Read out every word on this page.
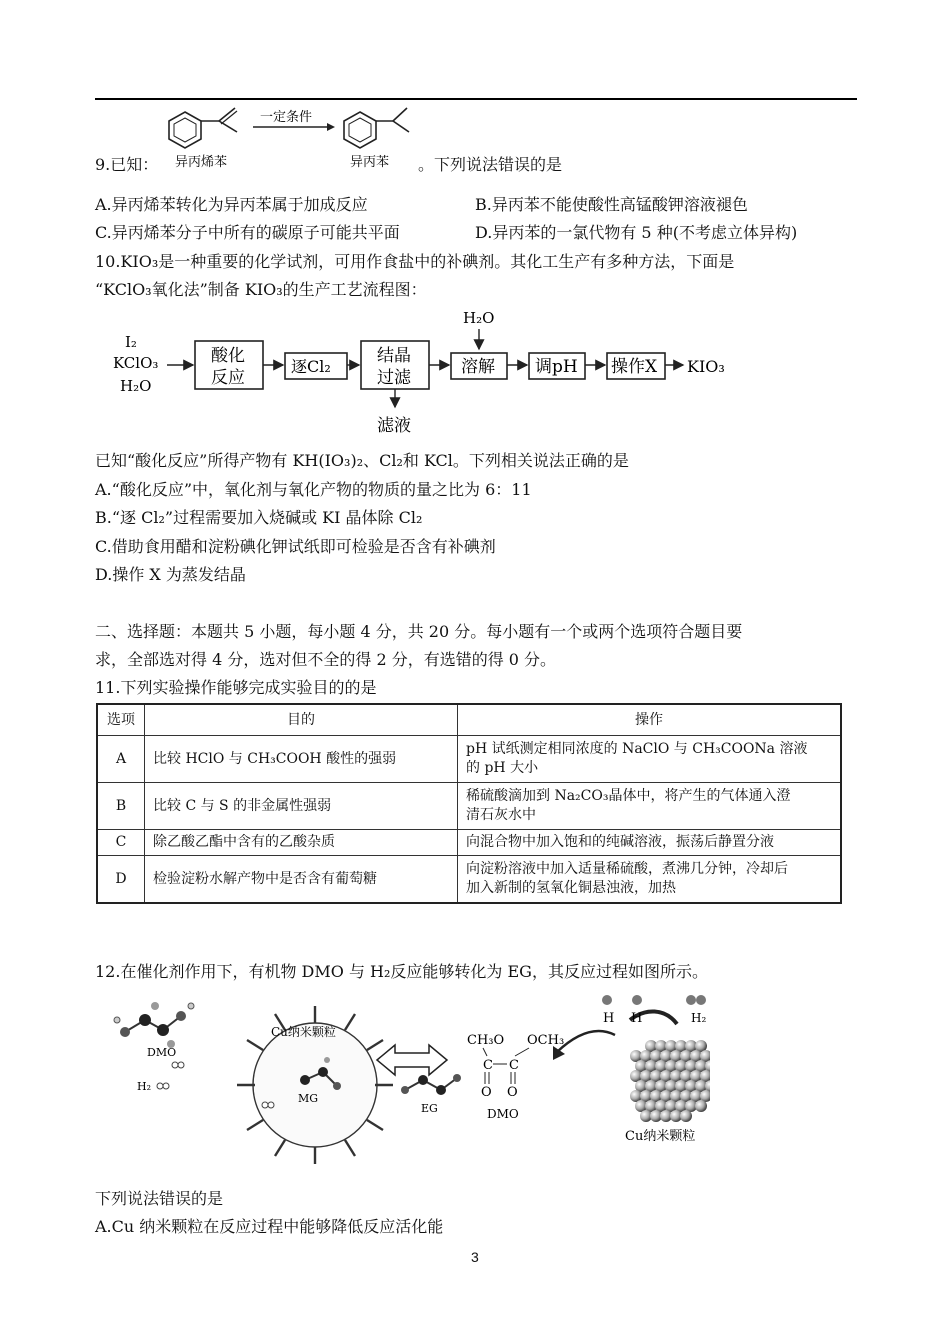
一定条件
异丙烯苯	异丙苯
9.已知：	。下列说法错误的是
A.异丙烯苯转化为异丙苯属于加成反应	B.异丙苯不能使酸性高锰酸钾溶液褪色
C.异丙烯苯分子中所有的碳原子可能共平面	D.异丙苯的一氯代物有 5 种(不考虑立体异构)
10.KIO₃是一种重要的化学试剂，可用作食盐中的补碘剂。其化工生产有多种方法，下面是
“KClO₃氧化法”制备 KIO₃的生产工艺流程图：
I₂
KClO₃
H₂O
酸化
反应
逐Cl₂
结晶
过滤
滤液
溶解
H₂O
调pH 操作X KIO₃
已知“酸化反应”所得产物有 KH(IO₃)₂、Cl₂和 KCl。下列相关说法正确的是
A.“酸化反应”中，氧化剂与氧化产物的物质的量之比为 6：11
B.“逐 Cl₂”过程需要加入烧碱或 KI 晶体除 Cl₂
C.借助食用醋和淀粉碘化钾试纸即可检验是否含有补碘剂
D.操作 X 为蒸发结晶
二、选择题：本题共 5 小题，每小题 4 分，共 20 分。每小题有一个或两个选项符合题目要
求，全部选对得 4 分，选对但不全的得 2 分，有选错的得 0 分。
11.下列实验操作能够完成实验目的的是
选项	目的	操作
A	比较 HClO 与 CH₃COOH 酸性的强弱	pH 试纸测定相同浓度的 NaClO 与 CH₃COONa 溶液
的 pH 大小

B	比较 C 与 S 的非金属性强弱	稀硫酸滴加到 Na₂CO₃晶体中，将产生的气体通入澄
清石灰水中

C	除乙酸乙酯中含有的乙酸杂质	向混合物中加入饱和的纯碱溶液，振荡后静置分液

D	检验淀粉水解产物中是否含有葡萄糖	向淀粉溶液中加入适量稀硫酸，煮沸几分钟，冷却后
加入新制的氢氧化铜悬浊液，加热
12.在催化剂作用下，有机物 DMO 与 H₂反应能够转化为 EG，其反应过程如图所示。
DMO
Cu纳米颗粒
H₂
MG
EG
CH₃O OCH₃
C C
O O
DMO
H H	H₂
Cu纳米颗粒
下列说法错误的是
A.Cu 纳米颗粒在反应过程中能够降低反应活化能
3
